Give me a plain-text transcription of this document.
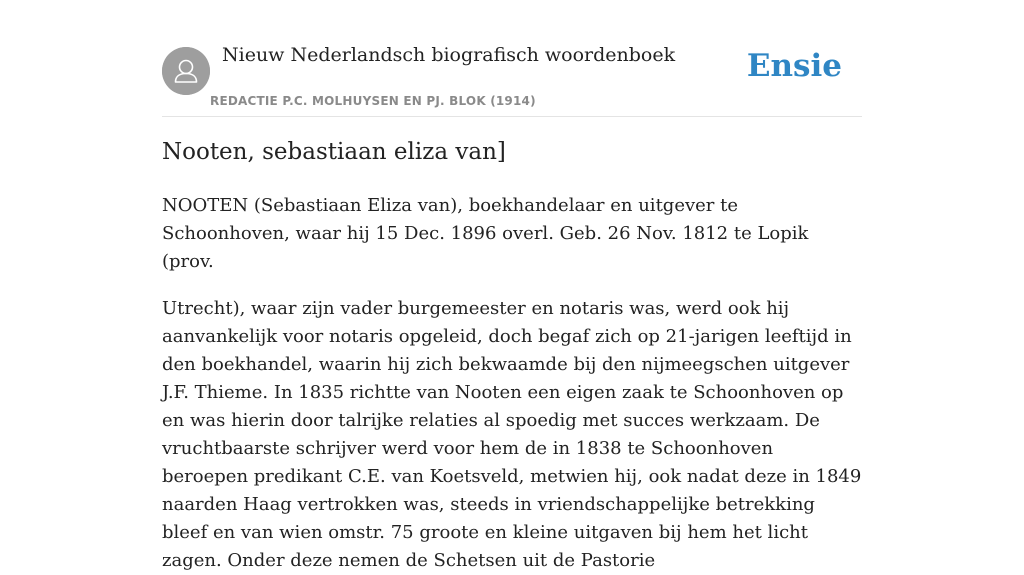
Nieuw Nederlandsch biografisch woordenboek
REDACTIE P.C. MOLHUYSEN EN PJ. BLOK (1914)
Ensie
Nooten, sebastiaan eliza van]

NOOTEN (Sebastiaan Eliza van), boekhandelaar en uitgever te Schoonhoven, waar hij 15 Dec. 1896 overl. Geb. 26 Nov. 1812 te Lopik (prov.

Utrecht), waar zijn vader burgemeester en notaris was, werd ook hij aanvankelijk voor notaris opgeleid, doch begaf zich op 21-jarigen leeftijd in den boekhandel, waarin hij zich bekwaamde bij den nijmeegschen uitgever J.F. Thieme. In 1835 richtte van Nooten een eigen zaak te Schoonhoven op en was hierin door talrijke relaties al spoedig met succes werkzaam. De vruchtbaarste schrijver werd voor hem de in 1838 te Schoonhoven beroepen predikant C.E. van Koetsveld, metwien hij, ook nadat deze in 1849 naarden Haag vertrokken was, steeds in vriendschappelijke betrekking bleef en van wien omstr. 75 groote en kleine uitgaven bij hem het licht zagen. Onder deze nemen de Schetsen uit de Pastorie
